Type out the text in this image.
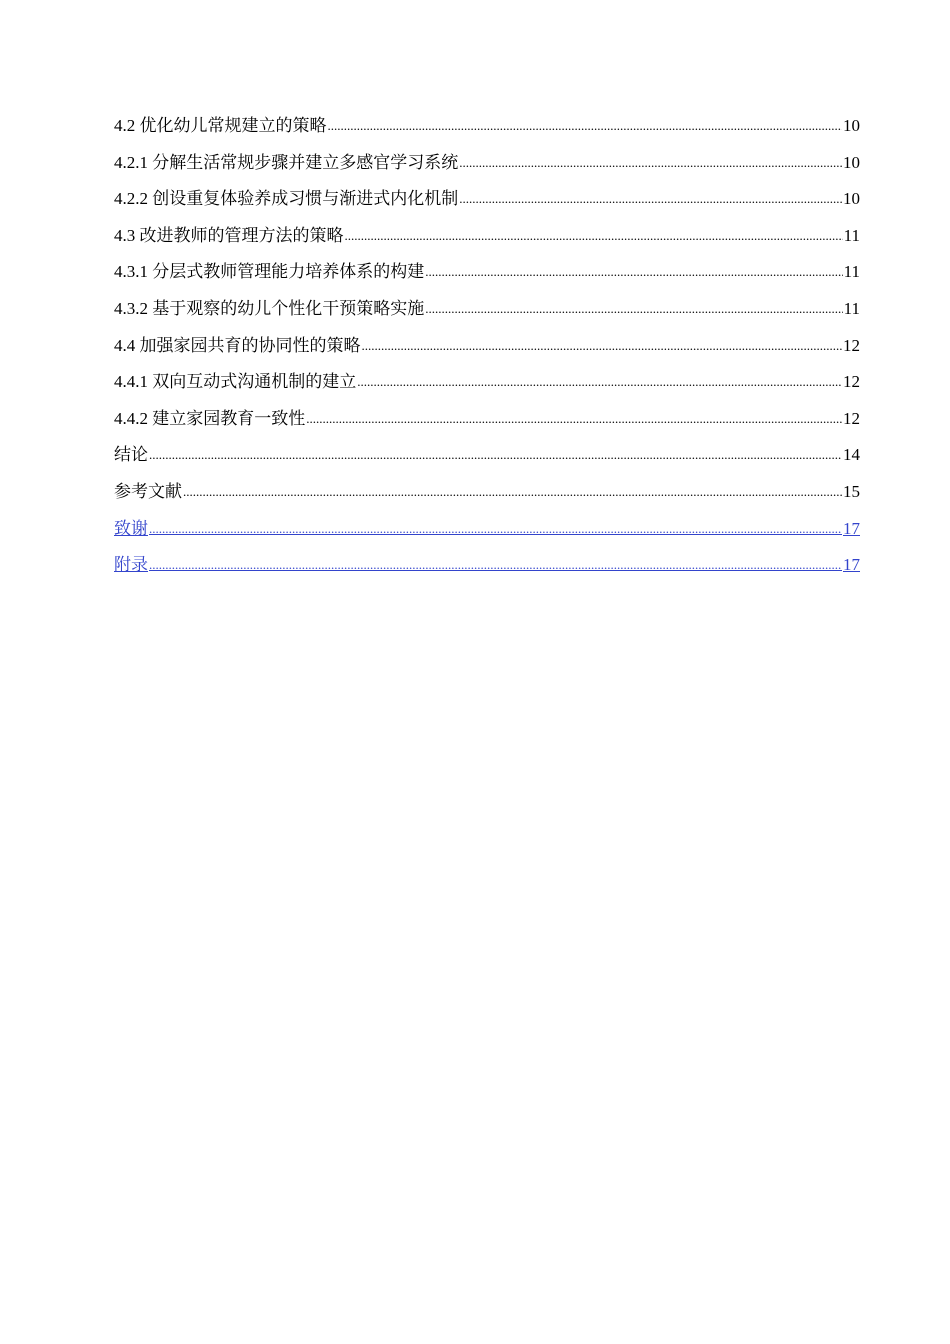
4.2 优化幼儿常规建立的策略 .....	10
4.2.1 分解生活常规步骤并建立多感官学习系统 .....	10
4.2.2 创设重复体验养成习惯与渐进式内化机制 .....	10
4.3 改进教师的管理方法的策略 .....	11
4.3.1 分层式教师管理能力培养体系的构建 .....	11
4.3.2 基于观察的幼儿个性化干预策略实施 .....	11
4.4 加强家园共育的协同性的策略 .....	12
4.4.1 双向互动式沟通机制的建立 .....	12
4.4.2 建立家园教育一致性 .....	12
结论 .....	14
参考文献 .....	15
致谢 .....	17
附录 .....	17
